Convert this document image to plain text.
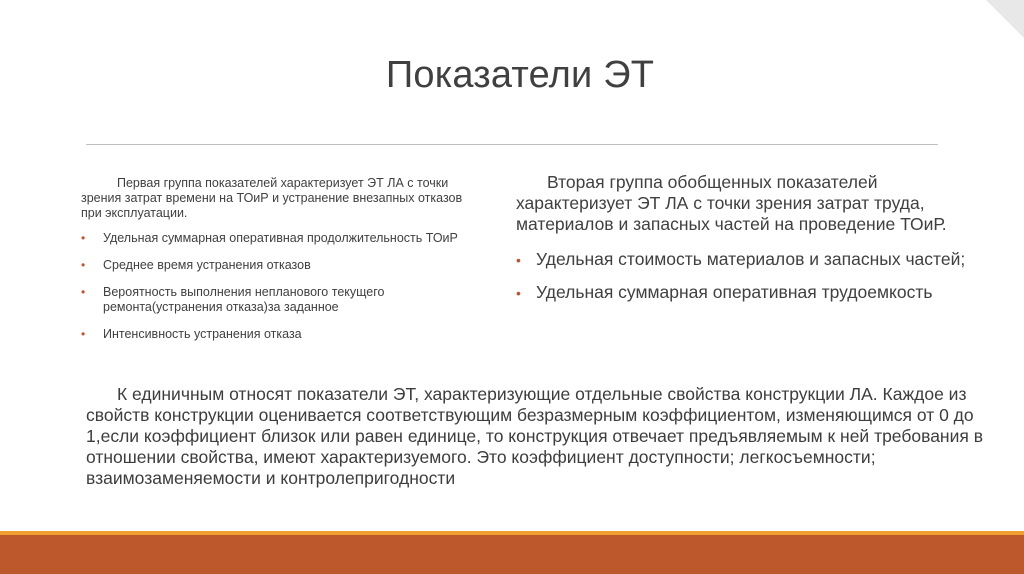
Показатели ЭТ

Первая группа показателей характеризует ЭТ ЛА с точки зрения затрат времени на ТОиР и устранение внезапных отказов при эксплуатации.

• Удельная суммарная оперативная продолжительность ТОиР
• Среднее время устранения отказов
• Вероятность выполнения непланового текущего ремонта(устранения отказа)за заданное
• Интенсивность устранения отказа

Вторая группа обобщенных показателей характеризует ЭТ ЛА с точки зрения затрат труда, материалов и запасных частей на проведение ТОиР.

• Удельная стоимость материалов и запасных частей;
• Удельная суммарная оперативная трудоемкость

К единичным относят показатели ЭТ, характеризующие отдельные свойства конструкции ЛА. Каждое из свойств конструкции оценивается соответствующим безразмерным коэффициентом, изменяющимся от 0 до 1,если коэффициент близок или равен единице, то конструкция отвечает предъявляемым к ней требования в отношении свойства, имеют характеризуемого. Это коэффициент доступности; легкосъемности; взаимозаменяемости и контролепригодности
